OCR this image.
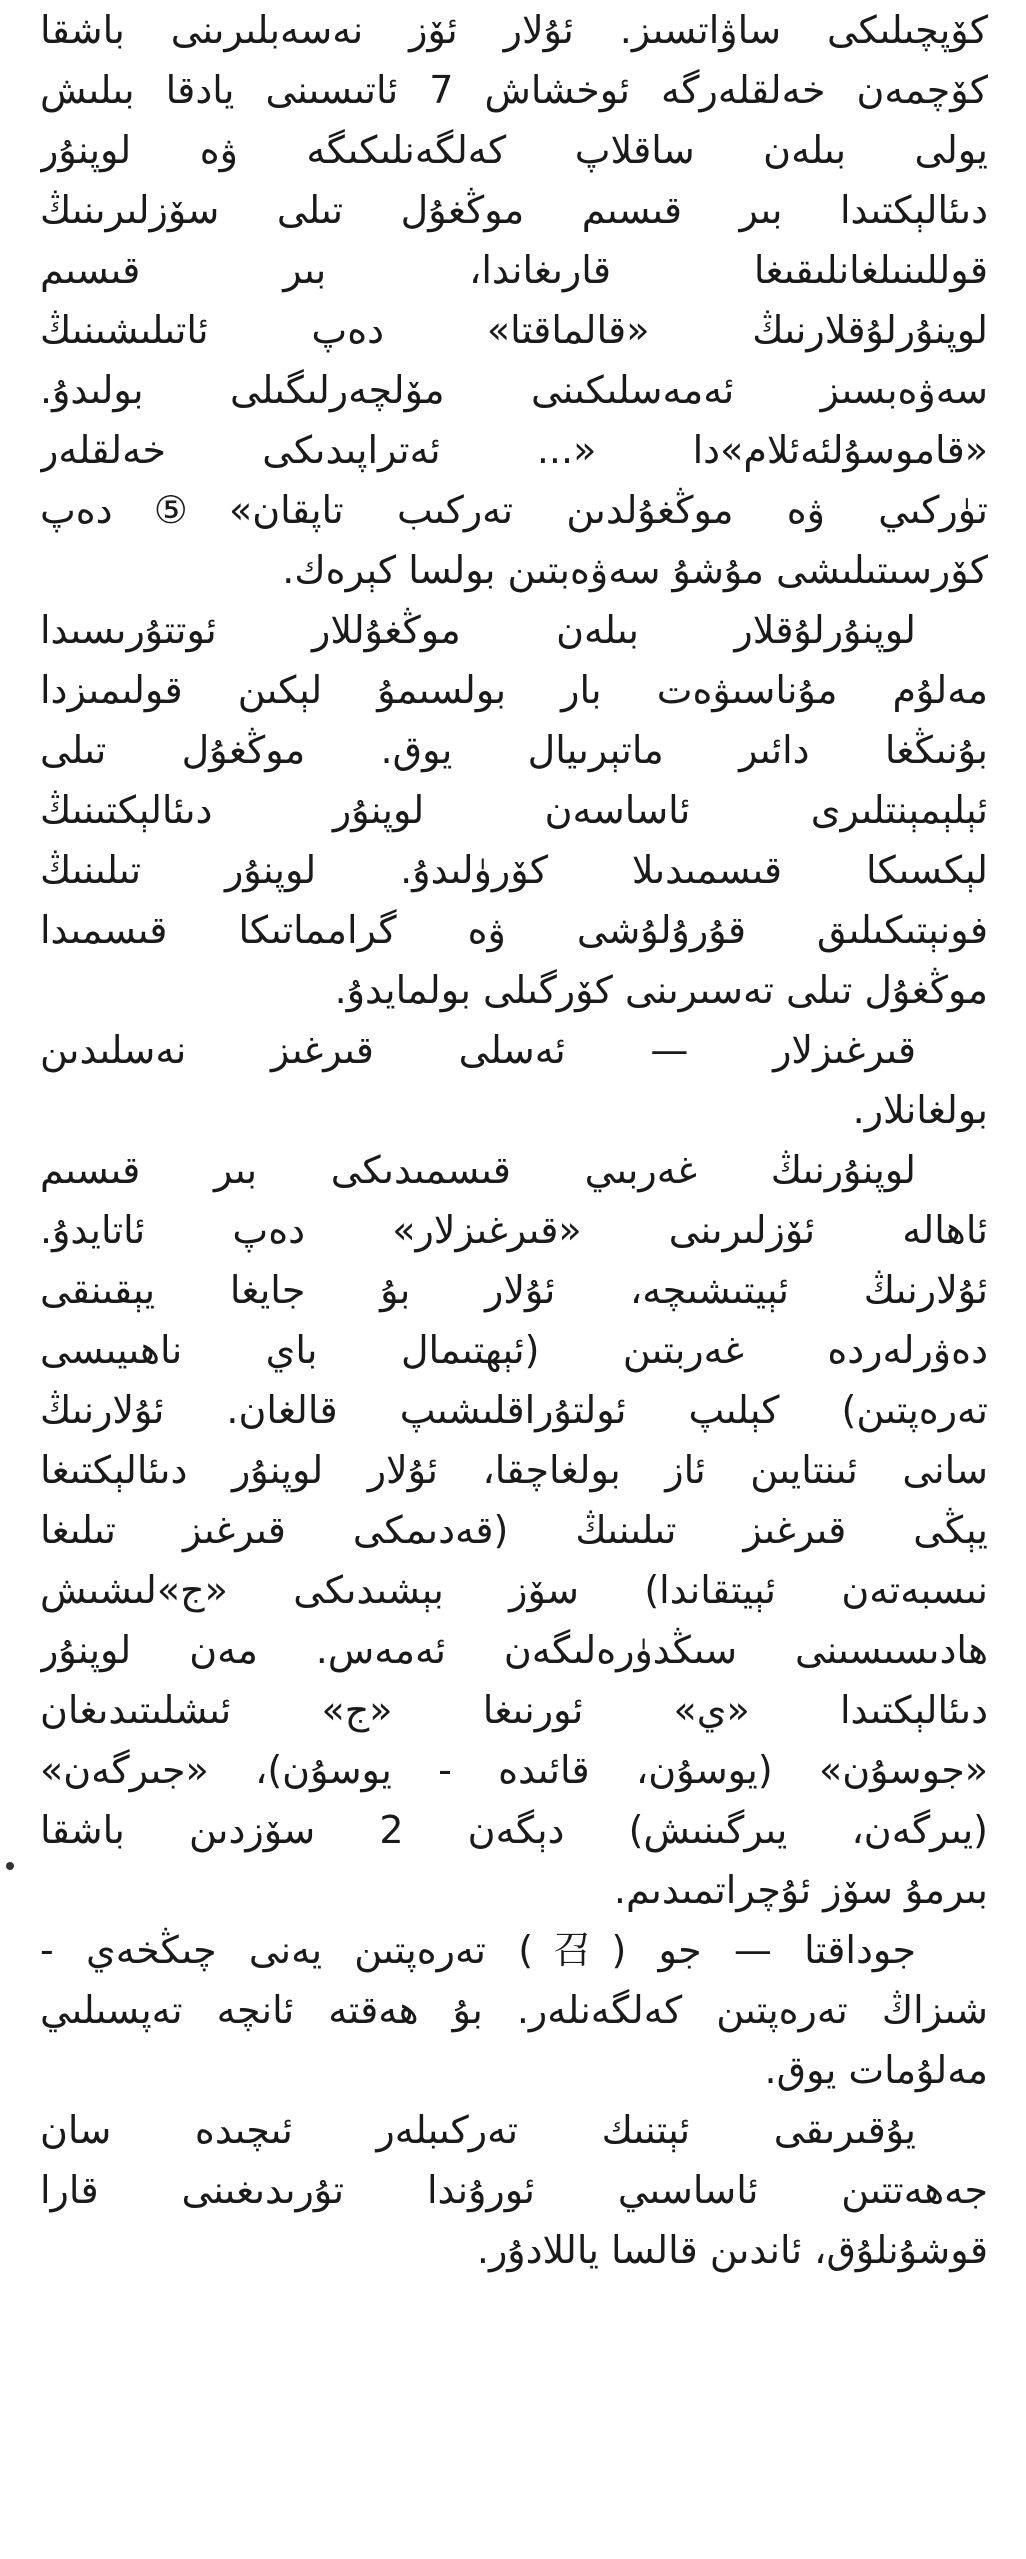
كۆپچىلىكى ساۋاتسىز. ئۇلار ئۆز نەسەبلىرىنى باشقا
كۆچمەن خەلقلەرگە ئوخشاش 7 ئاتىسىنى يادقا بىلىش
يولى بىلەن ساقلاپ كەلگەنلىكىگە ۋە لوپنۇر
دىئالېكتىدا بىر قىسىم موڭغۇل تىلى سۆزلىرىنىڭ
قوللىنىلغانلىقىغا قارىغاندا، بىر قىسىم
لوپنۇرلۇقلارنىڭ «قالماقتا» دەپ ئاتىلىشىنىڭ
سەۋەبسىز ئەمەسلىكىنى مۆلچەرلىگىلى بولىدۇ.
«قاموسۇلئەئلام»دا «... ئەتراپىدىكى خەلقلەر
تۈركىي ۋە موڭغۇلدىن تەركىب تاپقان»⑤دەپ
كۆرسىتىلىشى مۇشۇ سەۋەبتىن بولسا كېرەك.
لوپنۇرلۇقلار بىلەن موڭغۇللار ئوتتۇرىسىدا
مەلۇم مۇناسىۋەت بار بولسىمۇ لېكىن قولىمىزدا
بۇنىڭغا دائىر ماتېرىيال يوق. موڭغۇل تىلى
ئېلېمېنتلىرى ئاساسەن لوپنۇر دىئالېكتىنىڭ
لېكسىكا قىسمىدىلا كۆرۈلىدۇ. لوپنۇر تىلىنىڭ
فونېتىكىلىق قۇرۇلۇشى ۋە گرامماتىكا قىسمىدا
موڭغۇل تىلى تەسىرىنى كۆرگىلى بولمايدۇ.
قىرغىزلار — ئەسلى قىرغىز نەسلىدىن
بولغانلار.
لوپنۇرنىڭ غەربىي قىسمىدىكى بىر قىسىم
ئاھالە ئۆزلىرىنى «قىرغىزلار» دەپ ئاتايدۇ.
ئۇلارنىڭ ئېيتىشىچە، ئۇلار بۇ جايغا يېقىنقى
دەۋرلەردە غەربتىن (ئېھتىمال باي ناھىيىسى
تەرەپتىن) كېلىپ ئولتۇراقلىشىپ قالغان. ئۇلارنىڭ
سانى ئىنتايىن ئاز بولغاچقا، ئۇلار لوپنۇر دىئالېكتىغا
يېڭى قىرغىز تىلىنىڭ (قەدىمكى قىرغىز تىلىغا
نىسبەتەن ئېيتقاندا) سۆز بېشىدىكى «ج»لىشىش
ھادىسىسىنى سىڭدۈرەلىگەن ئەمەس. مەن لوپنۇر
دىئالېكتىدا «ي» ئورنىغا «ج» ئىشلىتىدىغان
«جوسۇن» (يوسۇن، قائىدە - يوسۇن)، «جىرگەن»
(يىرگەن، يىرگىنىش) دېگەن 2 سۆزدىن باشقا
بىرمۇ سۆز ئۇچراتمىدىم.
جوداقتا — جو (召) تەرەپتىن يەنى چىڭخەي -
شىزاڭ تەرەپتىن كەلگەنلەر. بۇ ھەقتە ئانچە تەپسىلىي
مەلۇمات يوق.
يۇقىرىقى ئېتنىك تەركىبلەر ئىچىدە سان
جەھەتتىن ئاساسىي ئورۇندا تۇرىدىغىنى قارا
قوشۇنلۇق، ئاندىن قالسا ياللادۇر.
